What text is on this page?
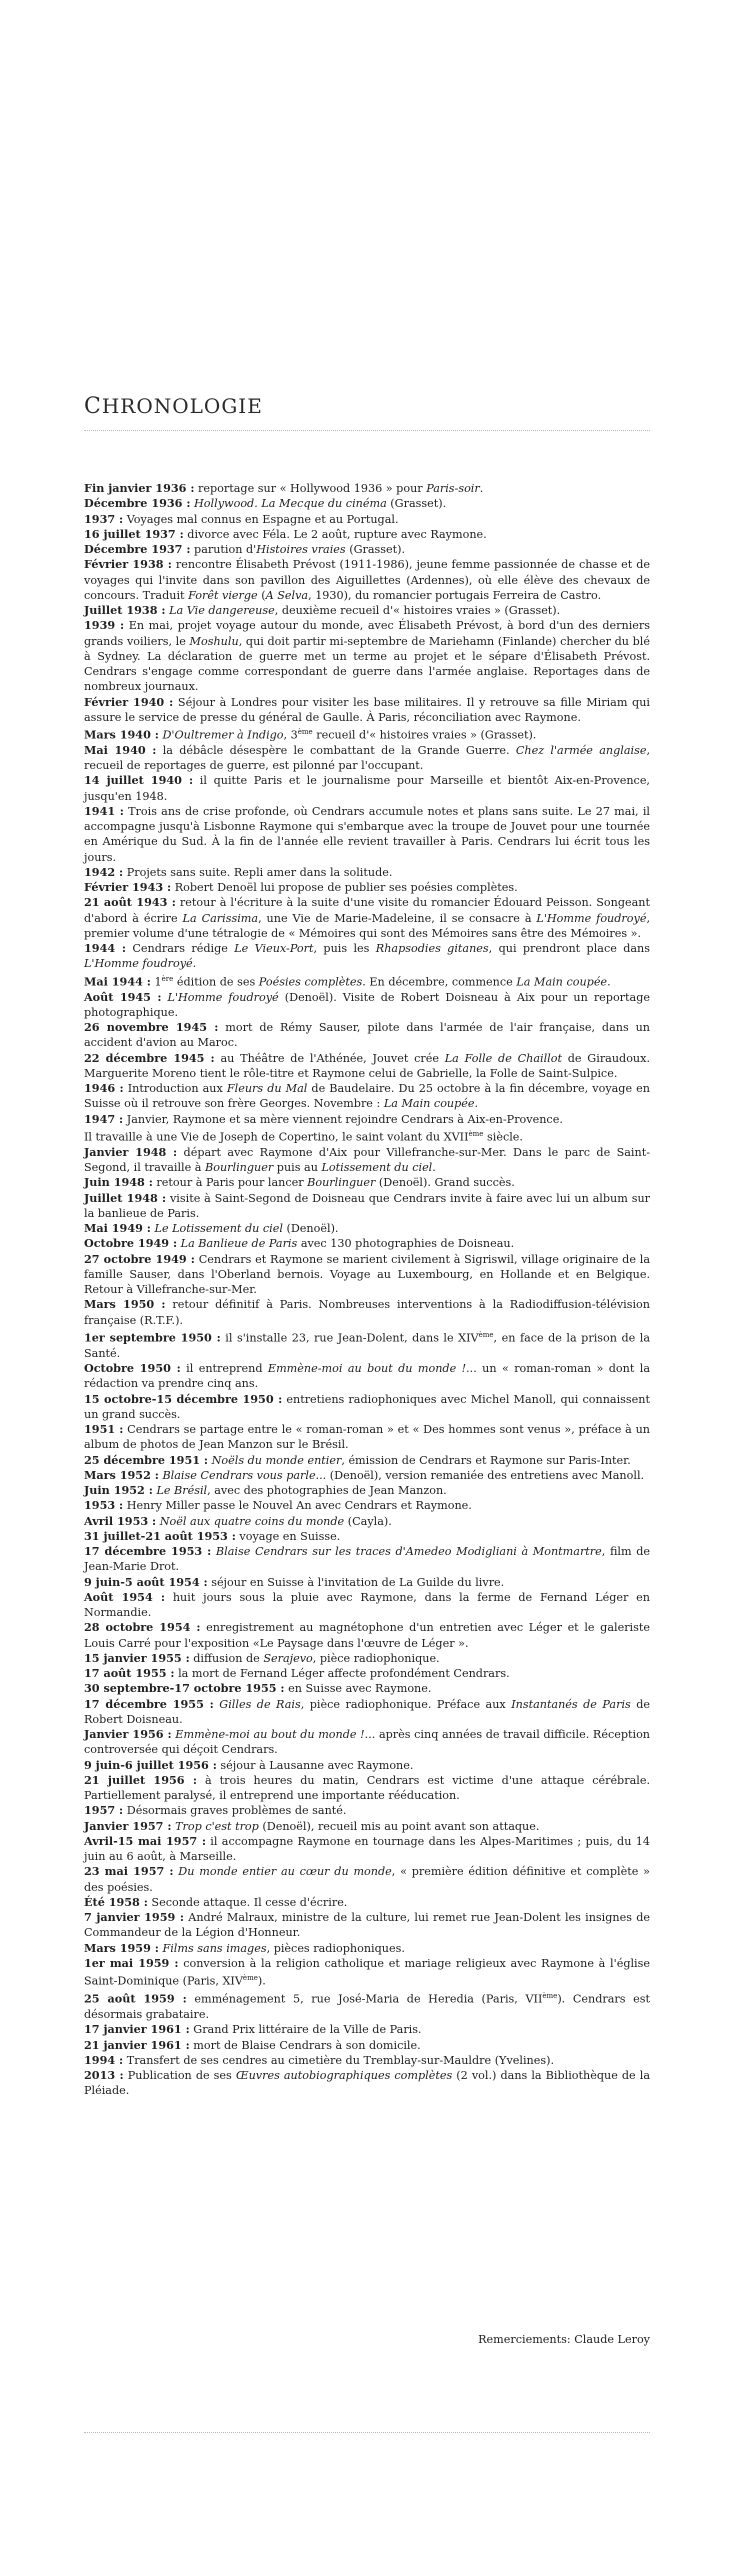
CHRONOLOGIE

Fin janvier 1936 : reportage sur « Hollywood 1936 » pour Paris-soir.

Décembre 1936 : Hollywood. La Mecque du cinéma (Grasset).

1937 : Voyages mal connus en Espagne et au Portugal.

16 juillet 1937 : divorce avec Féla. Le 2 août, rupture avec Raymone.

Décembre 1937 : parution d'Histoires vraies (Grasset).

Février 1938 : rencontre Élisabeth Prévost (1911-1986), jeune femme passionnée de chasse et de voyages qui l'invite dans son pavillon des Aiguillettes (Ardennes), où elle élève des chevaux de concours. Traduit Forêt vierge (A Selva, 1930), du romancier portugais Ferreira de Castro.

Juillet 1938 : La Vie dangereuse, deuxième recueil d'« histoires vraies » (Grasset).

1939 : En mai, projet voyage autour du monde, avec Élisabeth Prévost, à bord d'un des derniers grands voiliers, le Moshulu, qui doit partir mi-septembre de Mariehamn (Finlande) chercher du blé à Sydney. La déclaration de guerre met un terme au projet et le sépare d'Élisabeth Prévost. Cendrars s'engage comme correspondant de guerre dans l'armée anglaise. Reportages dans de nombreux journaux.

Février 1940 : Séjour à Londres pour visiter les base militaires. Il y retrouve sa fille Miriam qui assure le service de presse du général de Gaulle. À Paris, réconciliation avec Raymone.

Mars 1940 : D'Oultremer à Indigo, 3ème recueil d'« histoires vraies » (Grasset).

Mai 1940 : la débâcle désespère le combattant de la Grande Guerre. Chez l'armée anglaise, recueil de reportages de guerre, est pilonné par l'occupant.

14 juillet 1940 : il quitte Paris et le journalisme pour Marseille et bientôt Aix-en-Provence, jusqu'en 1948.

1941 : Trois ans de crise profonde, où Cendrars accumule notes et plans sans suite. Le 27 mai, il accompagne jusqu'à Lisbonne Raymone qui s'embarque avec la troupe de Jouvet pour une tournée en Amérique du Sud. À la fin de l'année elle revient travailler à Paris. Cendrars lui écrit tous les jours.

1942 : Projets sans suite. Repli amer dans la solitude.

Février 1943 : Robert Denoël lui propose de publier ses poésies complètes.

21 août 1943 : retour à l'écriture à la suite d'une visite du romancier Édouard Peisson. Songeant d'abord à écrire La Carissima, une Vie de Marie-Madeleine, il se consacre à L'Homme foudroyé, premier volume d'une tétralogie de « Mémoires qui sont des Mémoires sans être des Mémoires ».

1944 : Cendrars rédige Le Vieux-Port, puis les Rhapsodies gitanes, qui prendront place dans L'Homme foudroyé.

Mai 1944 : 1ère édition de ses Poésies complètes. En décembre, commence La Main coupée.

Août 1945 : L'Homme foudroyé (Denoël). Visite de Robert Doisneau à Aix pour un reportage photographique.

26 novembre 1945 : mort de Rémy Sauser, pilote dans l'armée de l'air française, dans un accident d'avion au Maroc.

22 décembre 1945 : au Théâtre de l'Athénée, Jouvet crée La Folle de Chaillot de Giraudoux. Marguerite Moreno tient le rôle-titre et Raymone celui de Gabrielle, la Folle de Saint-Sulpice.

1946 : Introduction aux Fleurs du Mal de Baudelaire. Du 25 octobre à la fin décembre, voyage en Suisse où il retrouve son frère Georges. Novembre : La Main coupée.

1947 : Janvier, Raymone et sa mère viennent rejoindre Cendrars à Aix-en-Provence.

Il travaille à une Vie de Joseph de Copertino, le saint volant du XVIIème siècle.

Janvier 1948 : départ avec Raymone d'Aix pour Villefranche-sur-Mer. Dans le parc de Saint-Segond, il travaille à Bourlinguer puis au Lotissement du ciel.

Juin 1948 : retour à Paris pour lancer Bourlinguer (Denoël). Grand succès.

Juillet 1948 : visite à Saint-Segond de Doisneau que Cendrars invite à faire avec lui un album sur la banlieue de Paris.

Mai 1949 : Le Lotissement du ciel (Denoël).

Octobre 1949 : La Banlieue de Paris avec 130 photographies de Doisneau.

27 octobre 1949 : Cendrars et Raymone se marient civilement à Sigriswil, village originaire de la famille Sauser, dans l'Oberland bernois. Voyage au Luxembourg, en Hollande et en Belgique. Retour à Villefranche-sur-Mer.

Mars 1950 : retour définitif à Paris. Nombreuses interventions à la Radiodiffusion-télévision française (R.T.F.).

1er septembre 1950 : il s'installe 23, rue Jean-Dolent, dans le XIVème, en face de la prison de la Santé.

Octobre 1950 : il entreprend Emmène-moi au bout du monde !... un « roman-roman » dont la rédaction va prendre cinq ans.

15 octobre-15 décembre 1950 : entretiens radiophoniques avec Michel Manoll, qui connaissent un grand succès.

1951 : Cendrars se partage entre le « roman-roman » et « Des hommes sont venus », préface à un album de photos de Jean Manzon sur le Brésil.

25 décembre 1951 : Noëls du monde entier, émission de Cendrars et Raymone sur Paris-Inter.

Mars 1952 : Blaise Cendrars vous parle... (Denoël), version remaniée des entretiens avec Manoll.

Juin 1952 : Le Brésil, avec des photographies de Jean Manzon.

1953 : Henry Miller passe le Nouvel An avec Cendrars et Raymone.

Avril 1953 : Noël aux quatre coins du monde (Cayla).

31 juillet-21 août 1953 : voyage en Suisse.

17 décembre 1953 : Blaise Cendrars sur les traces d'Amedeo Modigliani à Montmartre, film de Jean-Marie Drot.

9 juin-5 août 1954 : séjour en Suisse à l'invitation de La Guilde du livre.

Août 1954 : huit jours sous la pluie avec Raymone, dans la ferme de Fernand Léger en Normandie.

28 octobre 1954 : enregistrement au magnétophone d'un entretien avec Léger et le galeriste Louis Carré pour l'exposition «Le Paysage dans l'œuvre de Léger ».

15 janvier 1955 : diffusion de Serajevo, pièce radiophonique.

17 août 1955 : la mort de Fernand Léger affecte profondément Cendrars.

30 septembre-17 octobre 1955 : en Suisse avec Raymone.

17 décembre 1955 : Gilles de Rais, pièce radiophonique. Préface aux Instantanés de Paris de Robert Doisneau.

Janvier 1956 : Emmène-moi au bout du monde !... après cinq années de travail difficile. Réception controversée qui déçoit Cendrars.

9 juin-6 juillet 1956 : séjour à Lausanne avec Raymone.

21 juillet 1956 : à trois heures du matin, Cendrars est victime d'une attaque cérébrale. Partiellement paralysé, il entreprend une importante rééducation.

1957 : Désormais graves problèmes de santé.

Janvier 1957 : Trop c'est trop (Denoël), recueil mis au point avant son attaque.

Avril-15 mai 1957 : il accompagne Raymone en tournage dans les Alpes-Maritimes ; puis, du 14 juin au 6 août, à Marseille.

23 mai 1957 : Du monde entier au cœur du monde, « première édition définitive et complète » des poésies.

Été 1958 : Seconde attaque. Il cesse d'écrire.

7 janvier 1959 : André Malraux, ministre de la culture, lui remet rue Jean-Dolent les insignes de Commandeur de la Légion d'Honneur.

Mars 1959 : Films sans images, pièces radiophoniques.

1er mai 1959 : conversion à la religion catholique et mariage religieux avec Raymone à l'église Saint-Dominique (Paris, XIVème).

25 août 1959 : emménagement 5, rue José-Maria de Heredia (Paris, VIIème). Cendrars est désormais grabataire.

17 janvier 1961 : Grand Prix littéraire de la Ville de Paris.

21 janvier 1961 : mort de Blaise Cendrars à son domicile.

1994 : Transfert de ses cendres au cimetière du Tremblay-sur-Mauldre (Yvelines).

2013 : Publication de ses Œuvres autobiographiques complètes (2 vol.) dans la Bibliothèque de la Pléiade.

Remerciements: Claude Leroy
